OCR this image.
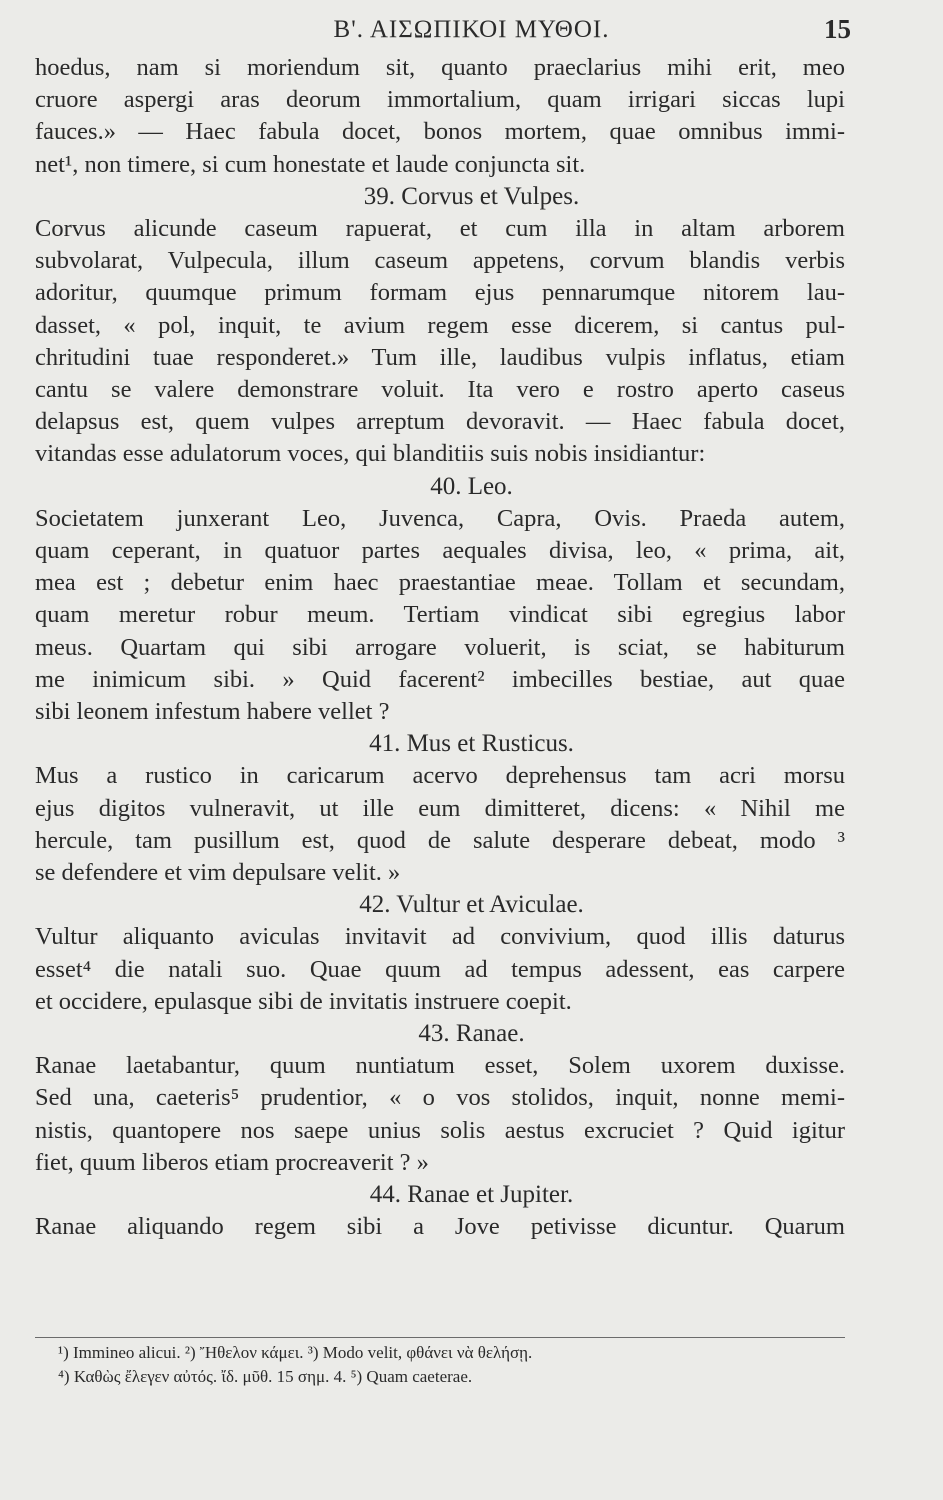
Β'. ΑΙΣΩΠΙΚΟΙ ΜΥΘΟΙ.	15
hoedus, nam si moriendum sit, quanto praeclarius mihi erit, meo
cruore aspergi aras deorum immortalium, quam irrigari siccas lupi
fauces.» — Haec fabula docet, bonos mortem, quae omnibus immi-
net¹, non timere, si cum honestate et laude conjuncta sit.
39. Corvus et Vulpes.
Corvus alicunde caseum rapuerat, et cum illa in altam arborem
subvolarat, Vulpecula, illum caseum appetens, corvum blandis verbis
adoritur, quumque primum formam ejus pennarumque nitorem lau-
dasset, « pol, inquit, te avium regem esse dicerem, si cantus pul-
chritudini tuae responderet.» Tum ille, laudibus vulpis inflatus, etiam
cantu se valere demonstrare voluit. Ita vero e rostro aperto caseus
delapsus est, quem vulpes arreptum devoravit. — Haec fabula docet,
vitandas esse adulatorum voces, qui blanditiis suis nobis insidiantur:
40. Leo.
Societatem junxerant Leo, Juvenca, Capra, Ovis. Praeda autem,
quam ceperant, in quatuor partes aequales divisa, leo, « prima, ait,
mea est ; debetur enim haec praestantiae meae. Tollam et secundam,
quam meretur robur meum. Tertiam vindicat sibi egregius labor
meus. Quartam qui sibi arrogare voluerit, is sciat, se habiturum
me inimicum sibi. » Quid facerent² imbecilles bestiae, aut quae
sibi leonem infestum habere vellet ?
41. Mus et Rusticus.
Mus a rustico in caricarum acervo deprehensus tam acri morsu
ejus digitos vulneravit, ut ille eum dimitteret, dicens: « Nihil me
hercule, tam pusillum est, quod de salute desperare debeat, modo ³
se defendere et vim depulsare velit. »
42. Vultur et Aviculae.
Vultur aliquanto aviculas invitavit ad convivium, quod illis daturus
esset⁴ die natali suo. Quae quum ad tempus adessent, eas carpere
et occidere, epulasque sibi de invitatis instruere coepit.
43. Ranae.
Ranae laetabantur, quum nuntiatum esset, Solem uxorem duxisse.
Sed una, caeteris⁵ prudentior, « o vos stolidos, inquit, nonne memi-
nistis, quantopere nos saepe unius solis aestus excruciet ? Quid igitur
fiet, quum liberos etiam procreaverit ? »
44. Ranae et Jupiter.
Ranae aliquando regem sibi a Jove petivisse dicuntur. Quarum
¹) Immineo alicui. ²) Ἤθελον κάμει. ³) Modo velit, φθάνει νὰ θελήσῃ.
⁴) Καθὼς ἔλεγεν αὐτός. ἴδ. μῦθ. 15 σημ. 4. ⁵) Quam caeterae.
